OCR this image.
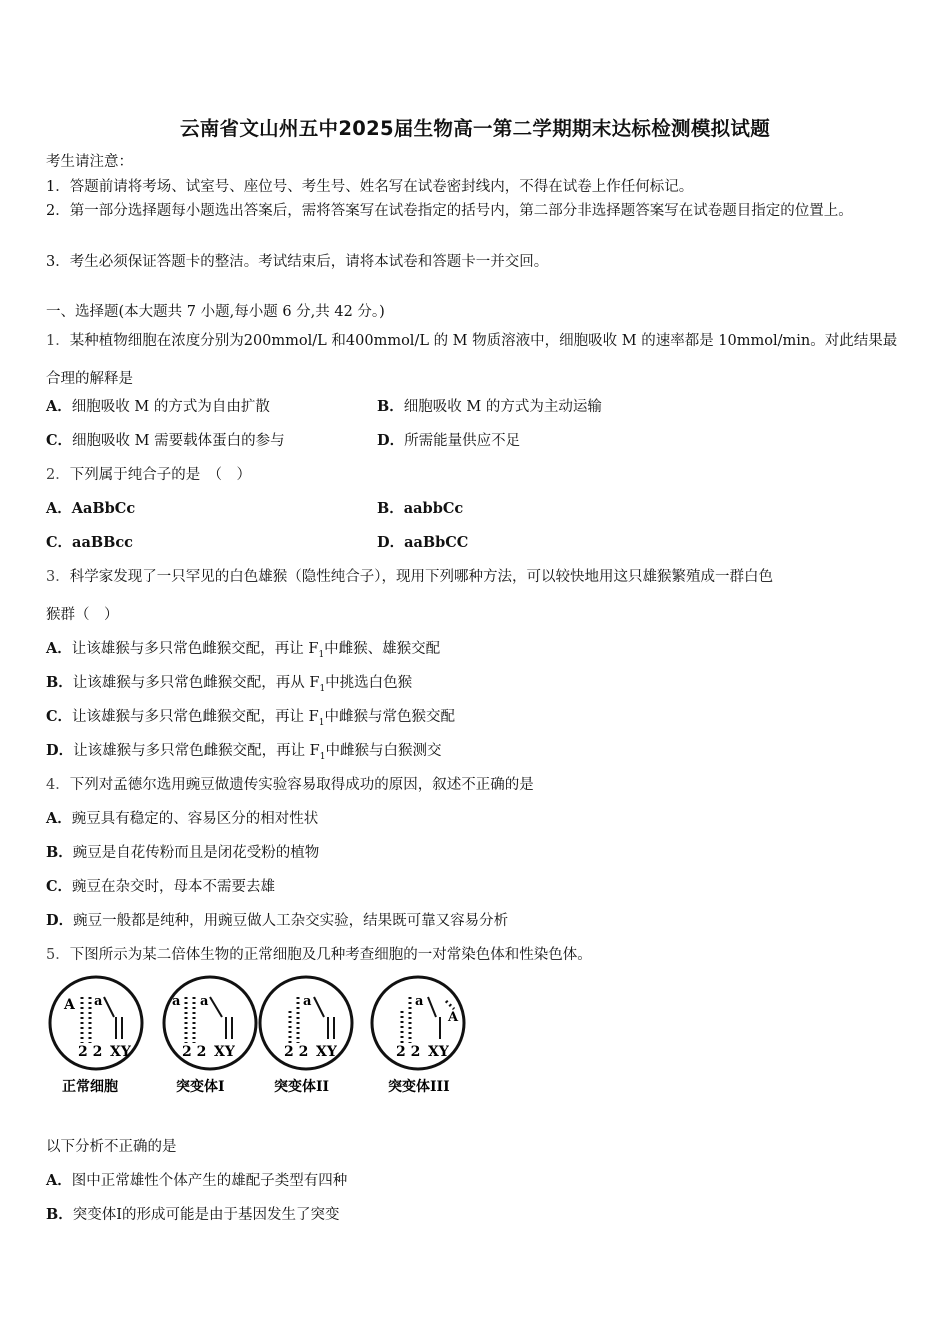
云南省文山州五中2025届生物高一第二学期期末达标检测模拟试题
考生请注意：
1．答题前请将考场、试室号、座位号、考生号、姓名写在试卷密封线内，不得在试卷上作任何标记。
2．第一部分选择题每小题选出答案后，需将答案写在试卷指定的括号内，第二部分非选择题答案写在试卷题目指定的位置上。
3．考生必须保证答题卡的整洁。考试结束后，请将本试卷和答题卡一并交回。
一、选择题(本大题共 7 小题,每小题 6 分,共 42 分。)
1．某种植物细胞在浓度分别为200mmol/L 和400mmol/L 的 M 物质溶液中，细胞吸收 M 的速率都是 10mmol/min。对此结果最合理的解释是
A．细胞吸收 M 的方式为自由扩散	B．细胞吸收 M 的方式为主动运输
C．细胞吸收 M 需要载体蛋白的参与	D．所需能量供应不足
2．下列属于纯合子的是　（　）
A．AaBbCc	B．aabbCc
C．aaBBcc	D．aaBbCC
3．科学家发现了一只罕见的白色雄猴（隐性纯合子），现用下列哪种方法，可以较快地用这只雄猴繁殖成一群白色
猴群（　）
A．让该雄猴与多只常色雌猴交配，再让 $F_1$中雌猴、雄猴交配
B．让该雄猴与多只常色雌猴交配，再从 $F_1$中挑选白色猴
C．让该雄猴与多只常色雌猴交配，再让 $F_1$中雌猴与常色猴交配
D．让该雄猴与多只常色雌猴交配，再让 $F_1$中雌猴与白猴测交
4．下列对孟德尔选用豌豆做遗传实验容易取得成功的原因，叙述不正确的是
A．豌豆具有稳定的、容易区分的相对性状
B．豌豆是自花传粉而且是闭花受粉的植物
C．豌豆在杂交时，母本不需要去雄
D．豌豆一般都是纯种，用豌豆做人工杂交实验，结果既可靠又容易分析
5．下图所示为某二倍体生物的正常细胞及几种考查细胞的一对常染色体和性染色体。
A a
2 2 XY
a a
2 2 XY
a
2 2 XY
a
A
2 2 XY
正常细胞	突变体I	突变体II	突变体III
以下分析不正确的是
A．图中正常雄性个体产生的雄配子类型有四种
B．突变体Ⅰ的形成可能是由于基因发生了突变
